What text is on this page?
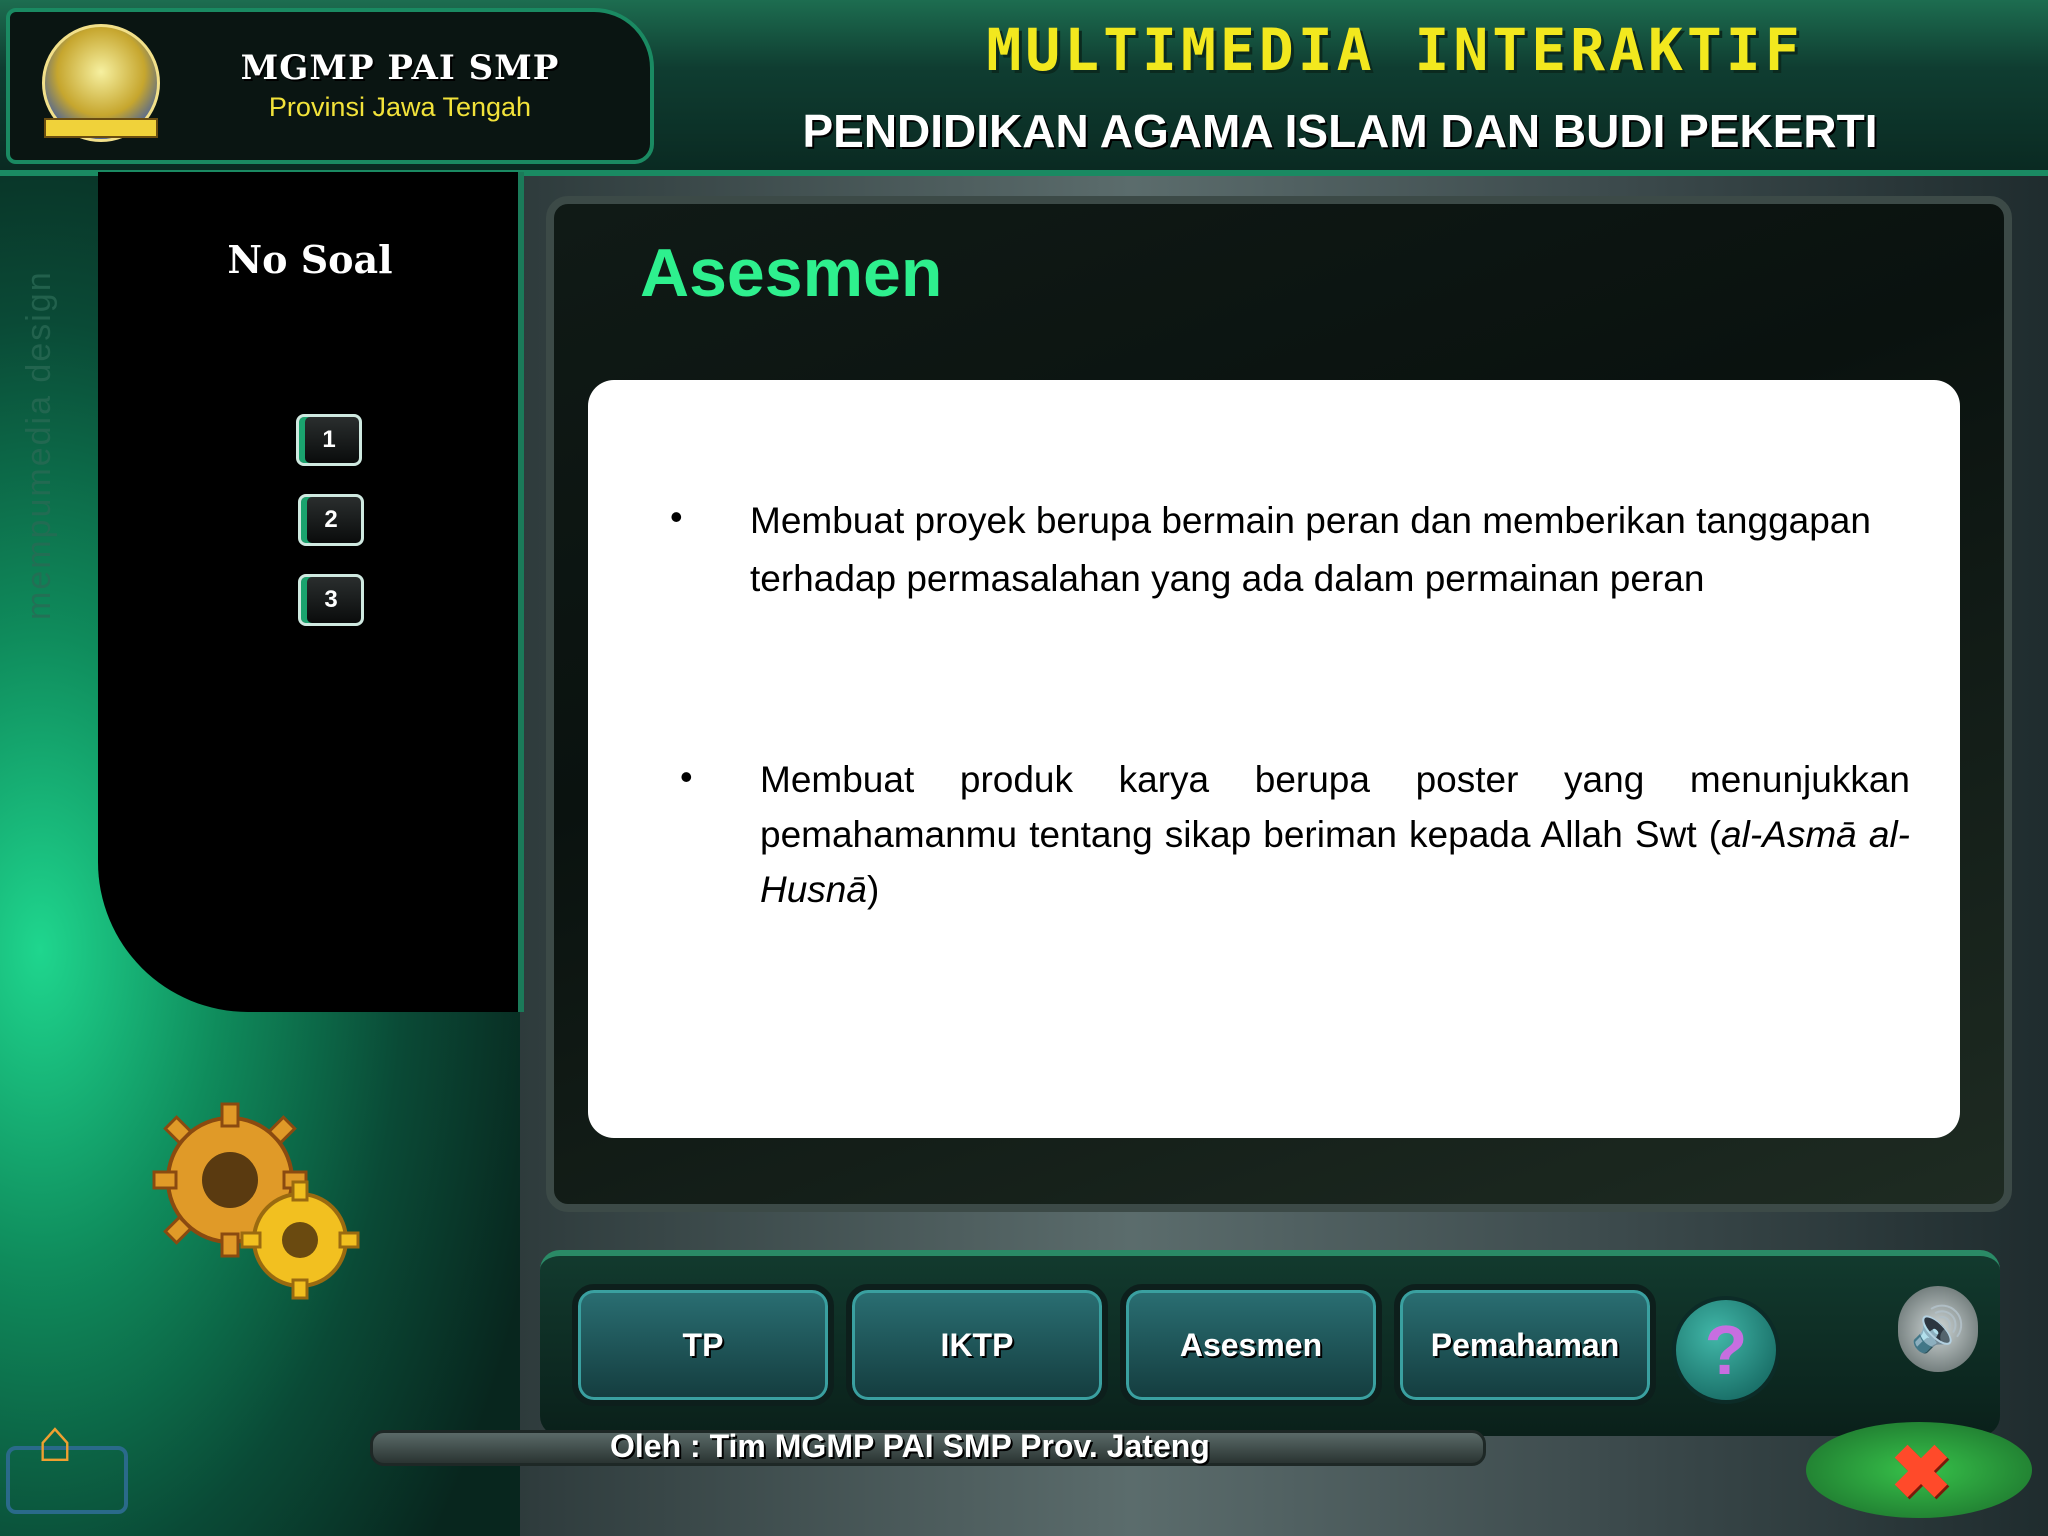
mempumedia design
MGMP PAI SMP
Provinsi Jawa Tengah
MULTIMEDIA INTERAKTIF
PENDIDIKAN AGAMA ISLAM DAN BUDI PEKERTI
No Soal
1
2
3
Asesmen
• Membuat proyek berupa bermain peran dan memberikan tanggapan terhadap permasalahan yang ada dalam permainan peran
• Membuat produk karya berupa poster yang menunjukkan pemahamanmu tentang sikap beriman kepada Allah Swt (al-Asmā al- Husnā)
TP	IKTP	Asesmen	Pemahaman	?	🔊
Oleh : Tim MGMP PAI SMP Prov. Jateng
⌂	✖
